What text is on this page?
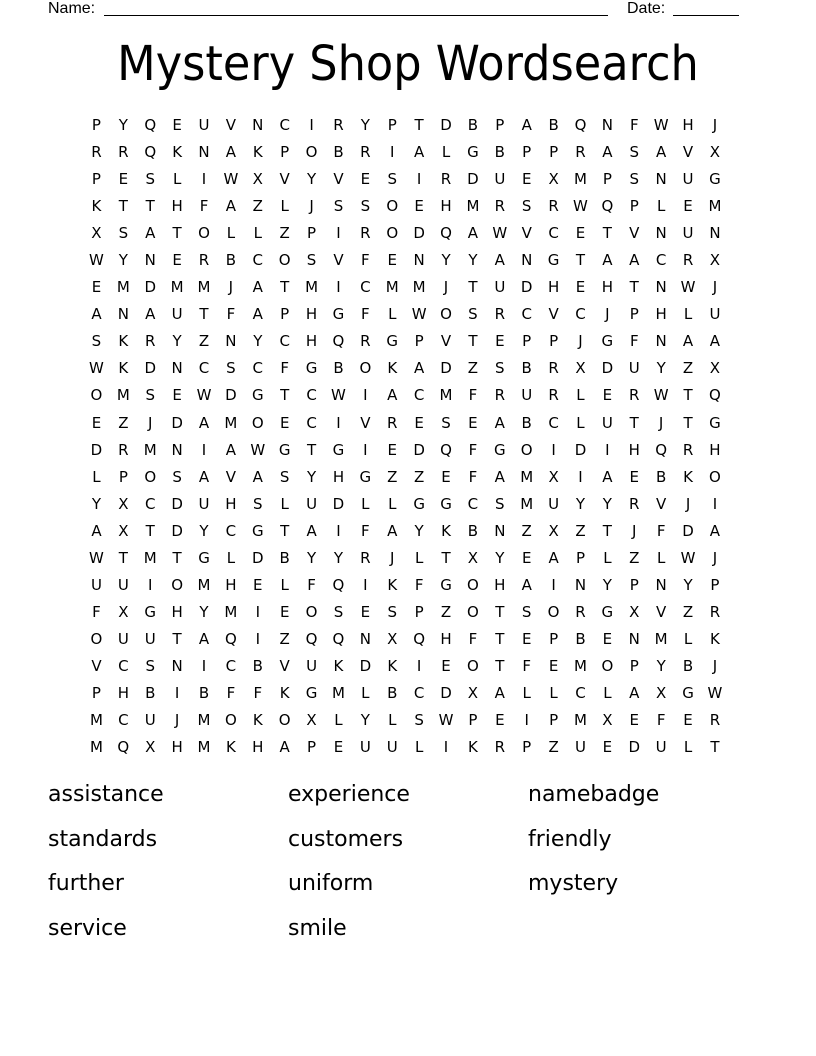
Name:	Date:
Mystery Shop Wordsearch
P	Y	Q	E	U	V	N	C	I	R	Y	P	T	D	B	P	A	B	Q	N	F	W H	J
R	R	Q	K	N	A	K	P	O	B	R	I	A	L	G	B	P	P	R	A	S	A	V	X
P	E	S	L	I	W X	V	Y	V	E	S	I	R	D	U	E	X	M	P	S	N	U	G
K	T	T	H	F	A	Z	L	J	S	S	O	E	H M	R	S	R W Q	P	L	E	M
X	S	A	T	O	L	L	Z	P	I	R	O	D	Q	A W V	C	E	T	V	N	U	N
W Y	N	E	R	B	C	O	S	V	F	E	N	Y	Y	A	N	G	T	A	A	C	R	X
E	M D M M	J	A	T	M	I	C	M M	J	T	U	D	H	E	H	T	N W	J
A	N	A	U	T	F	A	P	H	G	F	L	W O	S	R	C	V	C	J	P	H	L	U
S	K	R	Y	Z	N	Y	C	H	Q	R	G	P	V	T	E	P	P	J	G	F	N	A	A
W K	D	N	C	S	C	F	G	B	O	K	A	D	Z	S	B	R	X	D	U	Y	Z	X
O M	S	E W D	G	T	C W	I	A	C	M	F	R	U	R	L	E	R W T	Q
E	Z	J	D	A	M O	E	C	I	V	R	E	S	E	A	B	C	L	U	T	J	T	G
D	R	M N	I	A W G	T	G	I	E	D	Q	F	G	O	I	D	I	H	Q	R	H
L	P	O	S	A	V	A	S	Y	H	G	Z	Z	E	F	A	M	X	I	A	E	B	K	O
Y	X	C	D	U	H	S	L	U	D	L	L	G	G	C	S	M U	Y	Y	R	V	J	I
A	X	T	D	Y	C	G	T	A	I	F	A	Y	K	B	N	Z	X	Z	T	J	F	D	A
W T	M	T	G	L	D	B	Y	Y	R	J	L	T	X	Y	E	A	P	L	Z	L	W	J
U	U	I	O M H	E	L	F	Q	I	K	F	G	O	H	A	I	N	Y	P	N	Y	P
F	X	G	H	Y	M	I	E	O	S	E	S	P	Z	O	T	S	O	R	G	X	V	Z	R
O	U	U	T	A	Q	I	Z	Q	Q	N	X	Q	H	F	T	E	P	B	E	N M	L	K
V	C	S	N	I	C	B	V	U	K	D	K	I	E	O	T	F	E	M O	P	Y	B	J
P	H	B	I	B	F	F	K	G M	L	B	C	D	X	A	L	L	C	L	A	X	G W
M	C	U	J	M O	K	O	X	L	Y	L	S W P	E	I	P	M	X	E	F	E	R
M Q	X	H M	K	H	A	P	E	U	U	L	I	K	R	P	Z	U	E	D	U	L	T
assistance	experience	namebadge
standards	customers	friendly
further	uniform	mystery
service	smile
